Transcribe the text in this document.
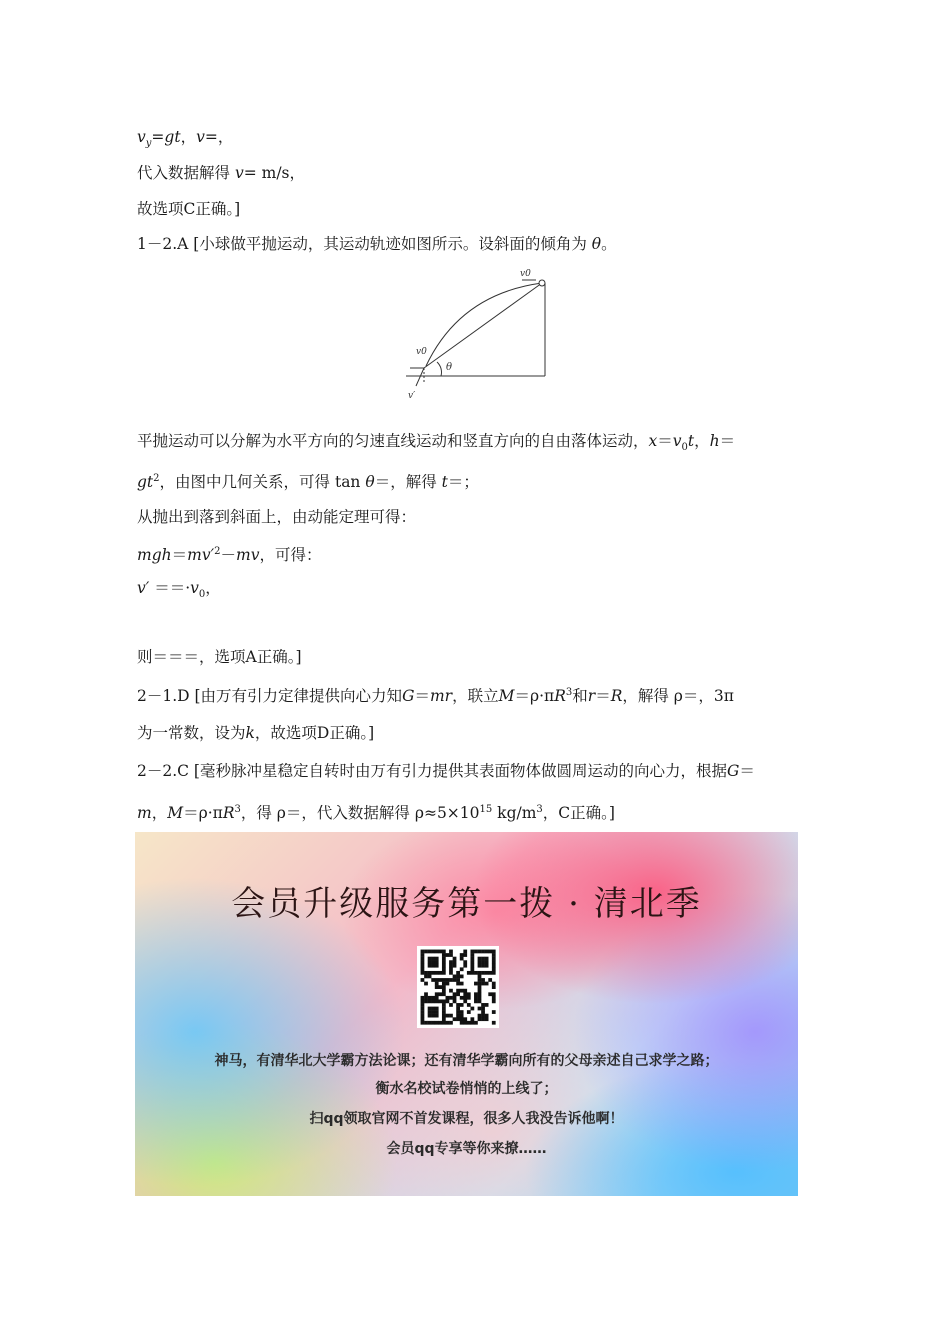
$v_y=gt$，v=，
代入数据解得 v= m/s，
故选项C正确。]
1－2.A [小球做平抛运动，其运动轨迹如图所示。设斜面的倾角为 θ。
v0
v0
θ
v′
平抛运动可以分解为水平方向的匀速直线运动和竖直方向的自由落体运动，$x=v_0t$，h＝
$gt^2$，由图中几何关系，可得 tan θ＝，解得 t＝；
从抛出到落到斜面上，由动能定理可得：
$mgh=mv'^2-mv$，可得：
$v' ==\cdot v_0$，
则＝＝＝，选项A正确。]
2－1.D [由万有引力定律提供向心力知G＝mr，联立$M=\rho\cdot\pi R^3$和r＝R，解得 ρ＝，3π
为一常数，设为k，故选项D正确。]
2－2.C [毫秒脉冲星稳定自转时由万有引力提供其表面物体做圆周运动的向心力，根据G＝
m，$M=\rho\cdot\pi R^3$，得 ρ＝，代入数据解得 $\rho\approx 5\times 10^{15}$ $kg/m^3$，C正确。]
会员升级服务第一拨 · 清北季
神马，有清华北大学霸方法论课；还有清华学霸向所有的父母亲述自己求学之路；
衡水名校试卷悄悄的上线了；
扫qq领取官网不首发课程，很多人我没告诉他啊！
会员qq专享等你来撩……
